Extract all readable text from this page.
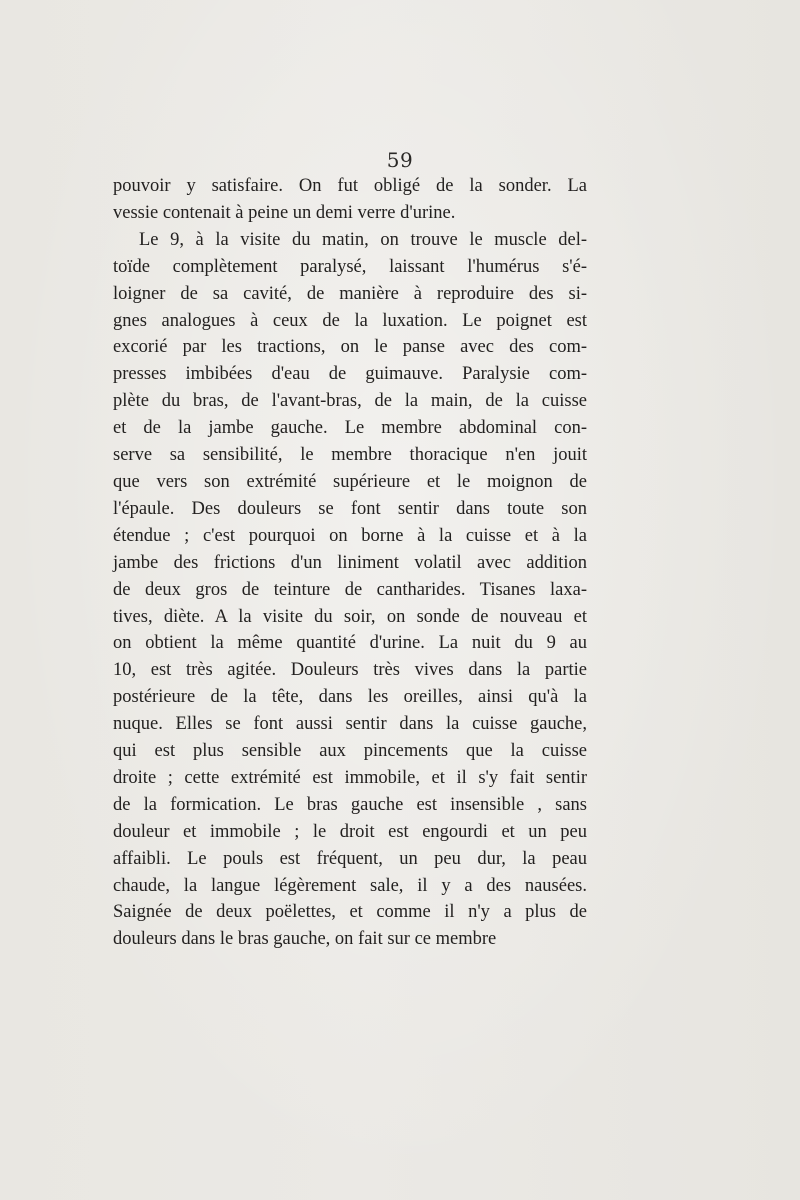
59
pouvoir y satisfaire. On fut obligé de la sonder. La
vessie contenait à peine un demi verre d'urine.
Le 9, à la visite du matin, on trouve le muscle del-
toïde complètement paralysé, laissant l'humérus s'é-
loigner de sa cavité, de manière à reproduire des si-
gnes analogues à ceux de la luxation. Le poignet est
excorié par les tractions, on le panse avec des com-
presses imbibées d'eau de guimauve. Paralysie com-
plète du bras, de l'avant-bras, de la main, de la cuisse
et de la jambe gauche. Le membre abdominal con-
serve sa sensibilité, le membre thoracique n'en jouit
que vers son extrémité supérieure et le moignon de
l'épaule. Des douleurs se font sentir dans toute son
étendue ; c'est pourquoi on borne à la cuisse et à la
jambe des frictions d'un liniment volatil avec addition
de deux gros de teinture de cantharides. Tisanes laxa-
tives, diète. A la visite du soir, on sonde de nouveau et
on obtient la même quantité d'urine. La nuit du 9 au
10, est très agitée. Douleurs très vives dans la partie
postérieure de la tête, dans les oreilles, ainsi qu'à la
nuque. Elles se font aussi sentir dans la cuisse gauche,
qui est plus sensible aux pincements que la cuisse
droite ; cette extrémité est immobile, et il s'y fait sentir
de la formication. Le bras gauche est insensible , sans
douleur et immobile ; le droit est engourdi et un peu
affaibli. Le pouls est fréquent, un peu dur, la peau
chaude, la langue légèrement sale, il y a des nausées.
Saignée de deux poëlettes, et comme il n'y a plus de
douleurs dans le bras gauche, on fait sur ce membre
